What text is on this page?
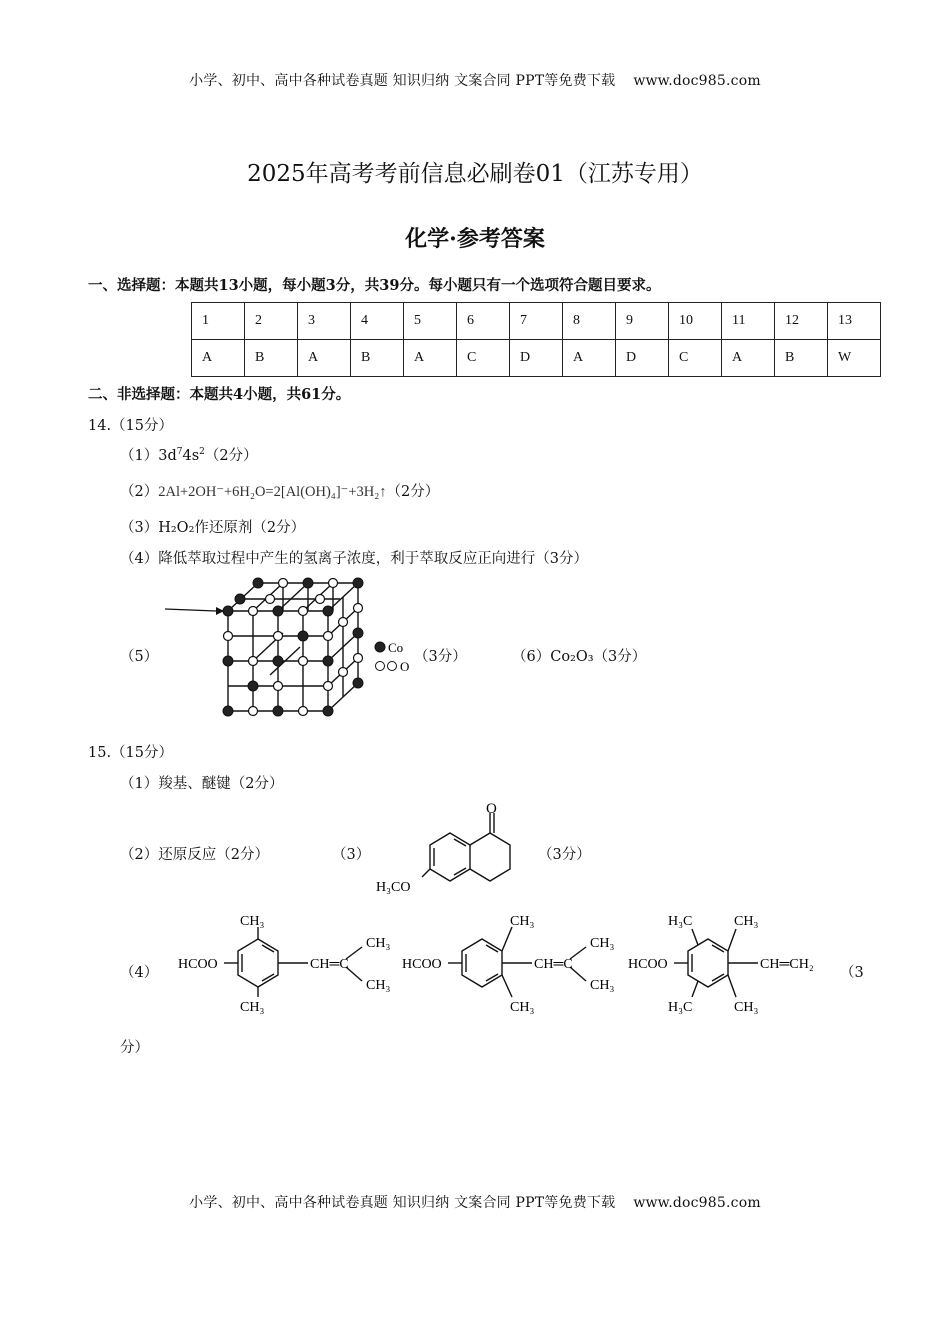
小学、初中、高中各种试卷真题 知识归纳 文案合同 PPT等免费下载 www.doc985.com
2025年高考考前信息必刷卷01（江苏专用）
化学·参考答案
一、选择题：本题共13小题，每小题3分，共39分。每小题只有一个选项符合题目要求。
1	2	3	4	5	6	7	8	9	10	11	12	13
A	B	A	B	A	C	D	A	D	C	A	B	W
二、非选择题：本题共4小题，共61分。
14.（15分）
$(1)3d^74s^2(2$分）
（2）2Al+2OH⁻+6H₂O=2[Al(OH)₄]⁻+3H₂↑（2分）
（3）H₂O₂作还原剂（2分）
（4）降低萃取过程中产生的氢离子浓度，利于萃取反应正向进行（3分）
（5）
Co
O
（3分）	（6）Co₂O₃（3分）
15.（15分）
（1）羧基、醚键（2分）
（2）还原反应（2分）	（3）
O
H₃CO
（3分）
（4）
HCOO
CH₃
CH₃
CH═C
CH₃
CH₃
HCOO
CH₃
CH₃
CH═C
CH₃
CH₃
HCOO
H₃C	CH₃
H₃C	CH₃
CH═CH₂
（3
分）
小学、初中、高中各种试卷真题 知识归纳 文案合同 PPT等免费下载 www.doc985.com
